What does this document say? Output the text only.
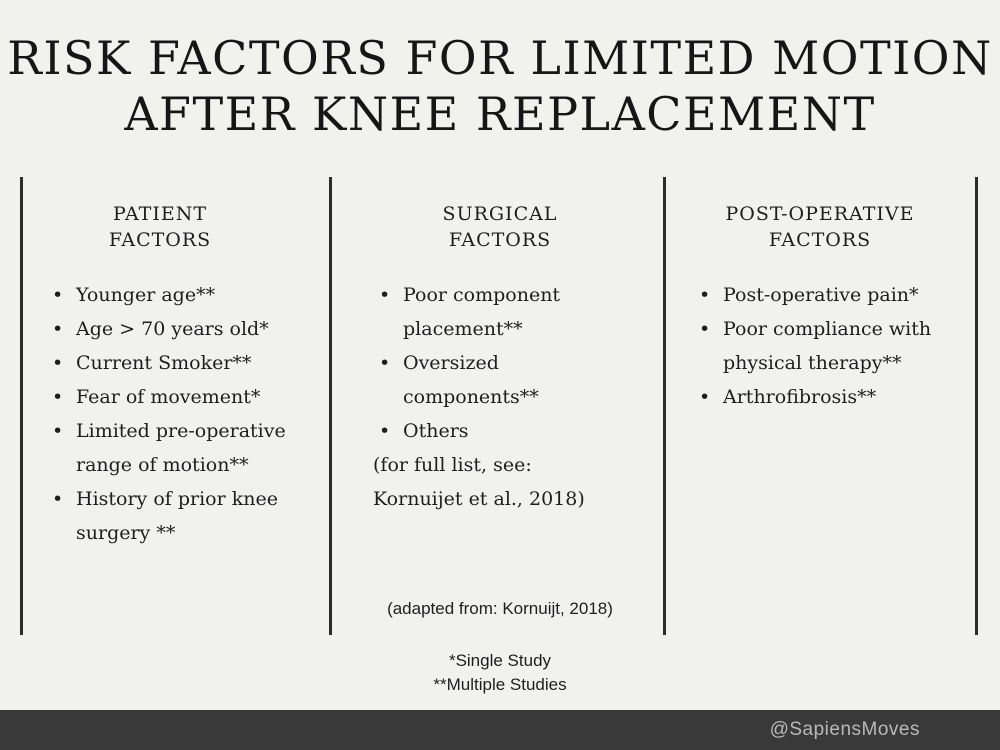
RISK FACTORS FOR LIMITED MOTION
AFTER KNEE REPLACEMENT
PATIENT
FACTORS
• Younger age**
• Age > 70 years old*
• Current Smoker**
• Fear of movement*
• Limited pre-operative
range of motion**
• History of prior knee
surgery **
SURGICAL
FACTORS
• Poor component
placement**
• Oversized
components**
• Others
(for full list, see:
Kornuijet et al., 2018)
(adapted from: Kornuijt, 2018)
POST-OPERATIVE
FACTORS
• Post-operative pain*
• Poor compliance with
physical therapy**
• Arthrofibrosis**
*Single Study
**Multiple Studies
@SapiensMoves
